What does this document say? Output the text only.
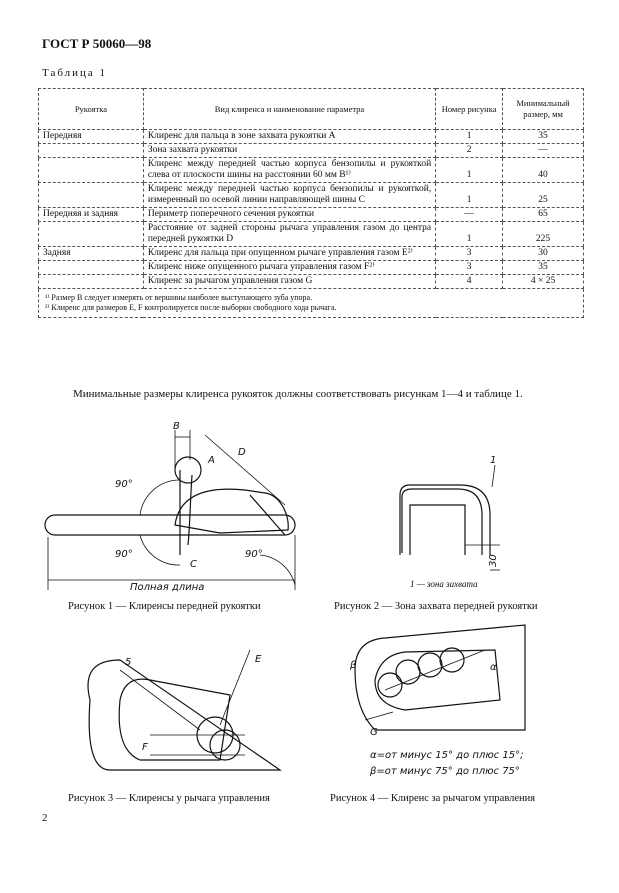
ГОСТ Р 50060—98
Таблица 1
Рукоятка	Вид клиренса и наименование параметра	Номер рисунка	Минимальный размер, мм
Передняя	Клиренс для пальца в зоне захвата рукоятки A	1	35
	Зона захвата рукоятки	2	—
	Клиренс между передней частью корпуса бензопилы и рукояткой слева от плоскости шины на расстоянии 60 мм B¹⁾	1	40
	Клиренс между передней частью корпуса бензопилы и рукояткой, измеренный по осевой линии направляющей шины C	1	25
Передняя и задняя	Периметр поперечного сечения рукоятки	—	65
	Расстояние от задней стороны рычага управления газом до центра передней рукоятки D	1	225
Задняя	Клиренс для пальца при опущенном рычаге управления газом E²⁾	3	30
	Клиренс ниже опущенного рычага управления газом F²⁾	3	35
	Клиренс за рычагом управления газом G	4	4 × 25

¹⁾ Размер B следует измерять от вершины наиболее выступающего зуба упора.
²⁾ Клиренс для размеров E, F контролируется после выборки свободного хода рычага.			
Минимальные размеры клиренса рукояток должны соответствовать рисункам 1—4 и таблице 1.
B
A
D
90°
90°
C
90°
Полная длина
Рисунок 1 — Клиренсы передней рукоятки
1
30
1 — зона захвата
Рисунок 2 — Зона захвата передней рукоятки
5	E
F
Рисунок 3 — Клиренсы у рычага управления
β	α
G
α=от минус 15° до плюс 15°;
β=от минус 75° до плюс 75°
Рисунок 4 — Клиренс за рычагом управления
2
